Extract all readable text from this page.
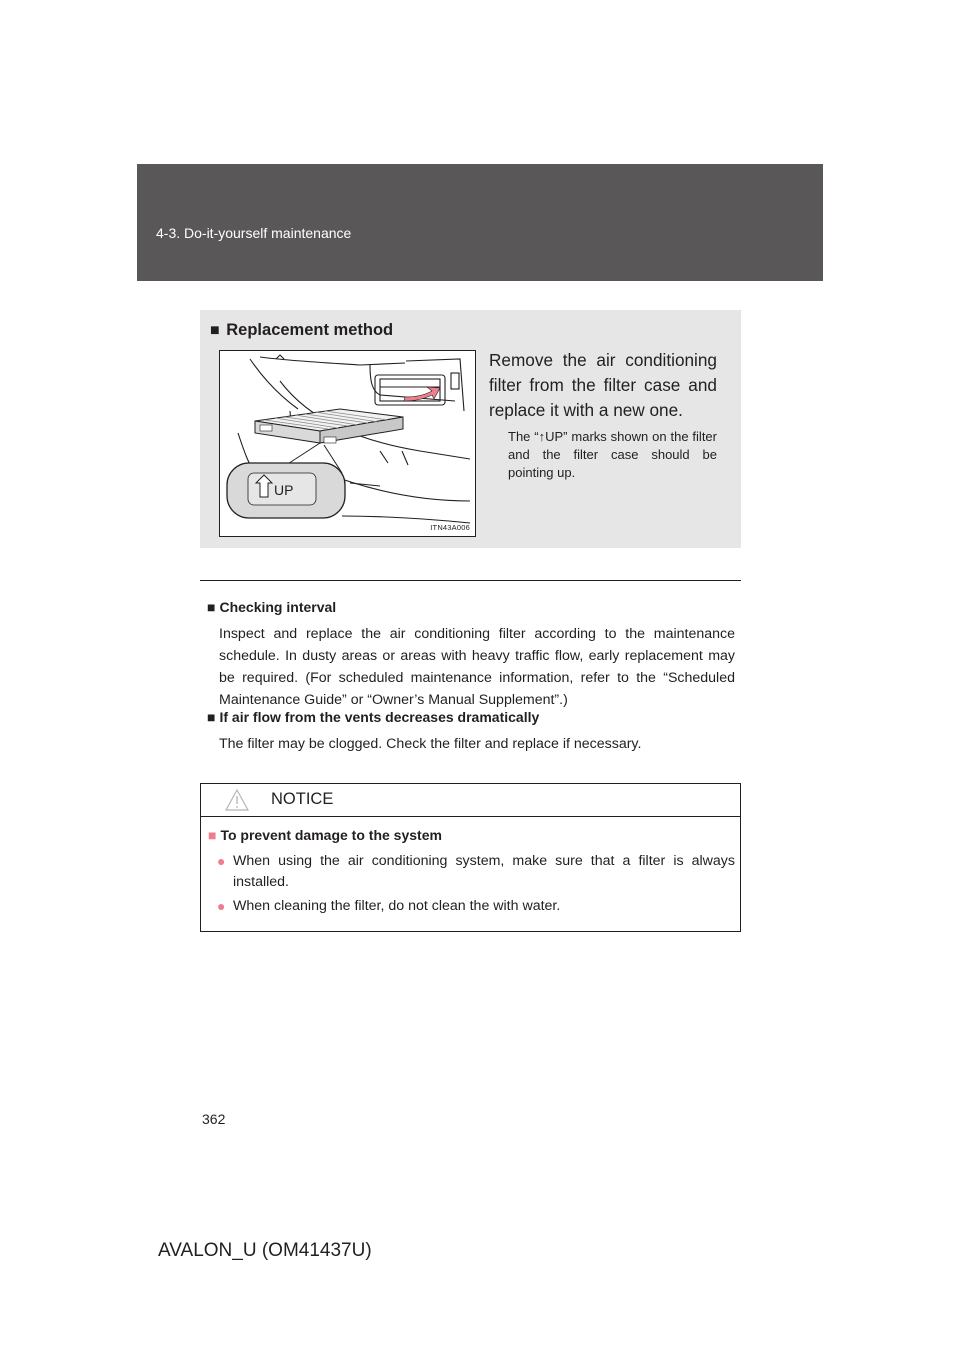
4-3. Do-it-yourself maintenance
■ Replacement method
UP
ITN43A006
Remove the air conditioning filter from the filter case and replace it with a new one.
The “↑UP” marks shown on the filter and the filter case should be pointing up.
■ Checking interval
Inspect and replace the air conditioning filter according to the maintenance schedule. In dusty areas or areas with heavy traffic flow, early replacement may be required. (For scheduled maintenance information, refer to the “Scheduled Maintenance Guide” or “Owner’s Manual Supplement”.)
■ If air flow from the vents decreases dramatically
The filter may be clogged. Check the filter and replace if necessary.
NOTICE
■ To prevent damage to the system
● When using the air conditioning system, make sure that a filter is always installed.
● When cleaning the filter, do not clean the with water.
362
AVALON_U (OM41437U)
